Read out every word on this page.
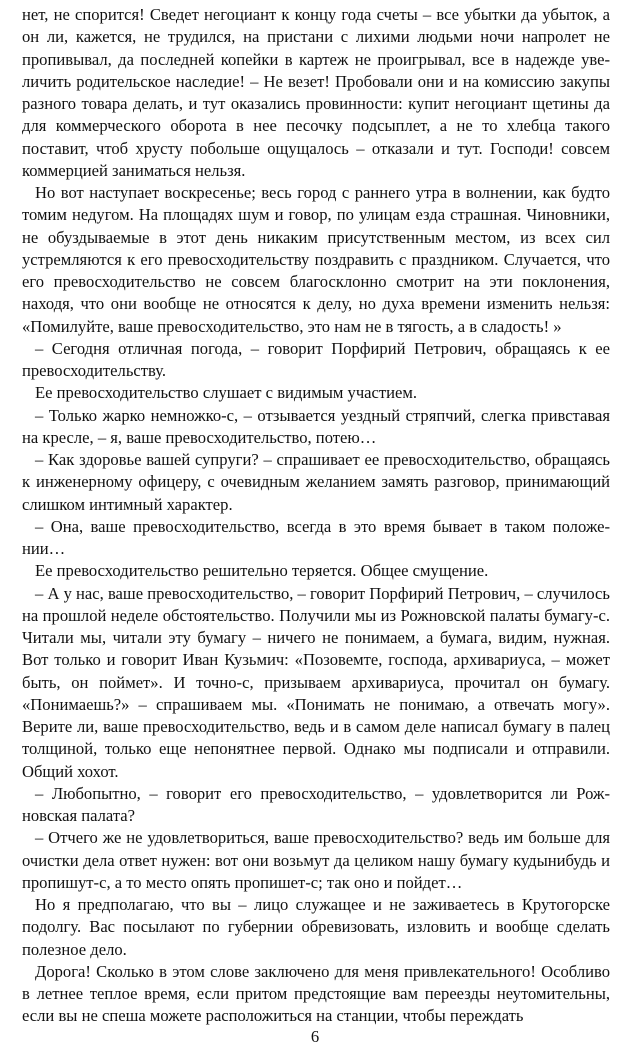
нет, не спорится! Сведет негоциант к концу года счеты – все убытки да убыток, а он ли, кажется, не трудился, на пристани с лихими людьми ночи напролет не пропивывал, да последней копейки в картеж не проигрывал, все в надежде увеличить родительское наследие! – Не везет! Пробовали они и на комиссию закупы разного товара делать, и тут оказались провинности: купит негоциант щетины да для коммерческого оборота в нее песочку подсыплет, а не то хлебца такого поставит, чтоб хрусту побольше ощущалось – отказали и тут. Господи! совсем коммерцией заниматься нельзя.

Но вот наступает воскресенье; весь город с раннего утра в волнении, как будто томим недугом. На площадях шум и говор, по улицам езда страшная. Чиновники, не обуздываемые в этот день никаким присутственным местом, из всех сил устремляются к его превосходительству поздравить с праздником. Случается, что его превосходительство не совсем благосклонно смотрит на эти поклонения, находя, что они вообще не относятся к делу, но духа времени изменить нельзя: «Помилуйте, ваше превосходительство, это нам не в тягость, а в сладость! »

– Сегодня отличная погода, – говорит Порфирий Петрович, обращаясь к ее превосходительству.

Ее превосходительство слушает с видимым участием.

– Только жарко немножко-с, – отзывается уездный стряпчий, слегка привставая на кресле, – я, ваше превосходительство, потею…

– Как здоровье вашей супруги? – спрашивает ее превосходительство, обращаясь к инженерному офицеру, с очевидным желанием замять разговор, принимающий слишком интимный характер.

– Она, ваше превосходительство, всегда в это время бывает в таком положении…

Ее превосходительство решительно теряется. Общее смущение.

– А у нас, ваше превосходительство, – говорит Порфирий Петрович, – случилось на прошлой неделе обстоятельство. Получили мы из Рожновской палаты бумагу-с. Читали мы, читали эту бумагу – ничего не понимаем, а бумага, видим, нужная. Вот только и говорит Иван Кузьмич: «Позовемте, господа, архивариуса, – может быть, он поймет». И точно-с, призываем архивариуса, прочитал он бумагу. «Понимаешь?» – спрашиваем мы. «Понимать не понимаю, а отвечать могу». Верите ли, ваше превосходительство, ведь и в самом деле написал бумагу в палец толщиной, только еще непонятнее первой. Однако мы подписали и отправили. Общий хохот.

– Любопытно, – говорит его превосходительство, – удовлетворится ли Рожновская палата?

– Отчего же не удовлетвориться, ваше превосходительство? ведь им больше для очистки дела ответ нужен: вот они возьмут да целиком нашу бумагу кудынибудь и пропишут-с, а то место опять пропишет-с; так оно и пойдет…

Но я предполагаю, что вы – лицо служащее и не заживаетесь в Крутогорске подолгу. Вас посылают по губернии обревизовать, изловить и вообще сделать полезное дело.

Дорога! Сколько в этом слове заключено для меня привлекательного! Особливо в летнее теплое время, если притом предстоящие вам переезды неутомительны, если вы не спеша можете расположиться на станции, чтобы переждать

6
